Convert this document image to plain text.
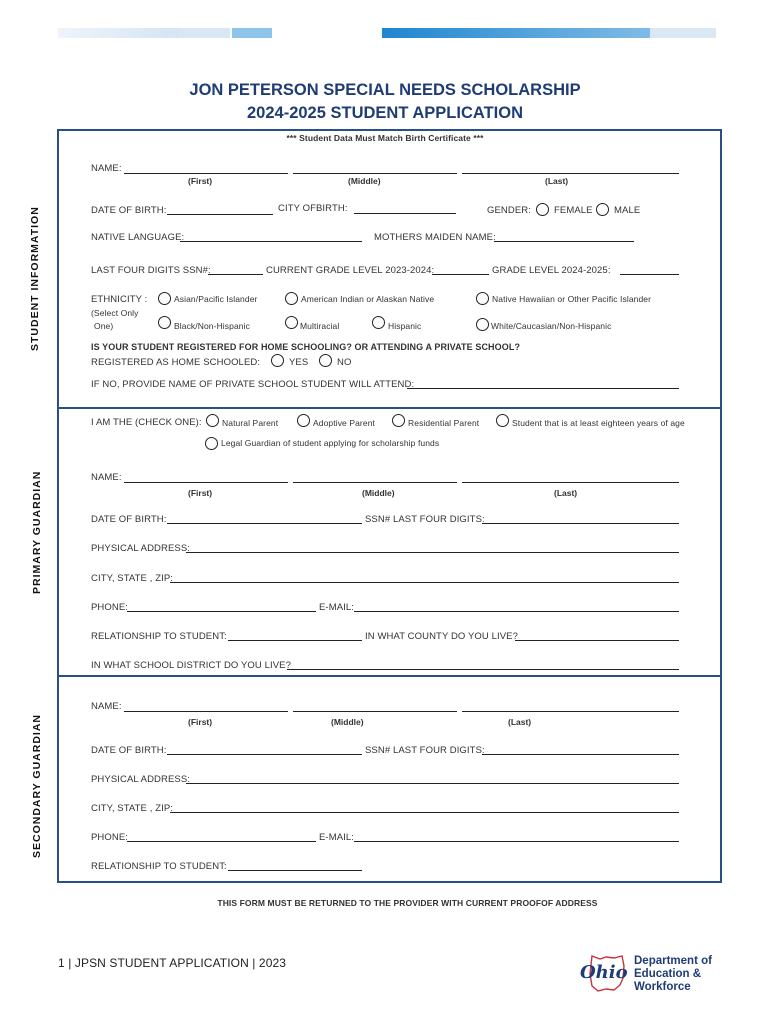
JON PETERSON SPECIAL NEEDS SCHOLARSHIP
2024-2025 STUDENT APPLICATION
STUDENT INFORMATION
*** Student Data Must Match Birth Certificate ***
NAME:
(First)	(Middle)	(Last)
DATE OF BIRTH:	CITY OFBIRTH:	GENDER: FEMALE MALE
NATIVE LANGUAGE:	MOTHERS MAIDEN NAME:
LAST FOUR DIGITS SSN#:	CURRENT GRADE LEVEL 2023-2024:	GRADE LEVEL 2024-2025:
ETHNICITY :
(Select Only
One)
Asian/Pacific Islander	American Indian or Alaskan Native	Native Hawaiian or Other Pacific Islander
Black/Non-Hispanic	Multiracial	Hispanic	White/Caucasian/Non-Hispanic
IS YOUR STUDENT REGISTERED FOR HOME SCHOOLING? OR ATTENDING A PRIVATE SCHOOL?
REGISTERED AS HOME SCHOOLED:	YES	NO
IF NO, PROVIDE NAME OF PRIVATE SCHOOL STUDENT WILL ATTEND:
PRIMARY GUARDIAN
I AM THE (CHECK ONE): Natural Parent	Adoptive Parent	Residential Parent	Student that is at least eighteen years of age
Legal Guardian of student applying for scholarship funds
NAME:
(First)	(Middle)	(Last)
DATE OF BIRTH:	SSN# LAST FOUR DIGITS:
PHYSICAL ADDRESS:
CITY, STATE , ZIP:
PHONE:	E-MAIL:
RELATIONSHIP TO STUDENT:	IN WHAT COUNTY DO YOU LIVE?
IN WHAT SCHOOL DISTRICT DO YOU LIVE?
SECONDARY GUARDIAN
NAME:
(First)	(Middle)	(Last)
DATE OF BIRTH:	SSN# LAST FOUR DIGITS:
PHYSICAL ADDRESS:
CITY, STATE , ZIP:
PHONE:	E-MAIL:
RELATIONSHIP TO STUDENT:
THIS FORM MUST BE RETURNED TO THE PROVIDER WITH CURRENT PROOFOF ADDRESS
1 | JPSN STUDENT APPLICATION | 2023	Ohio
Department of
Education &
Workforce
